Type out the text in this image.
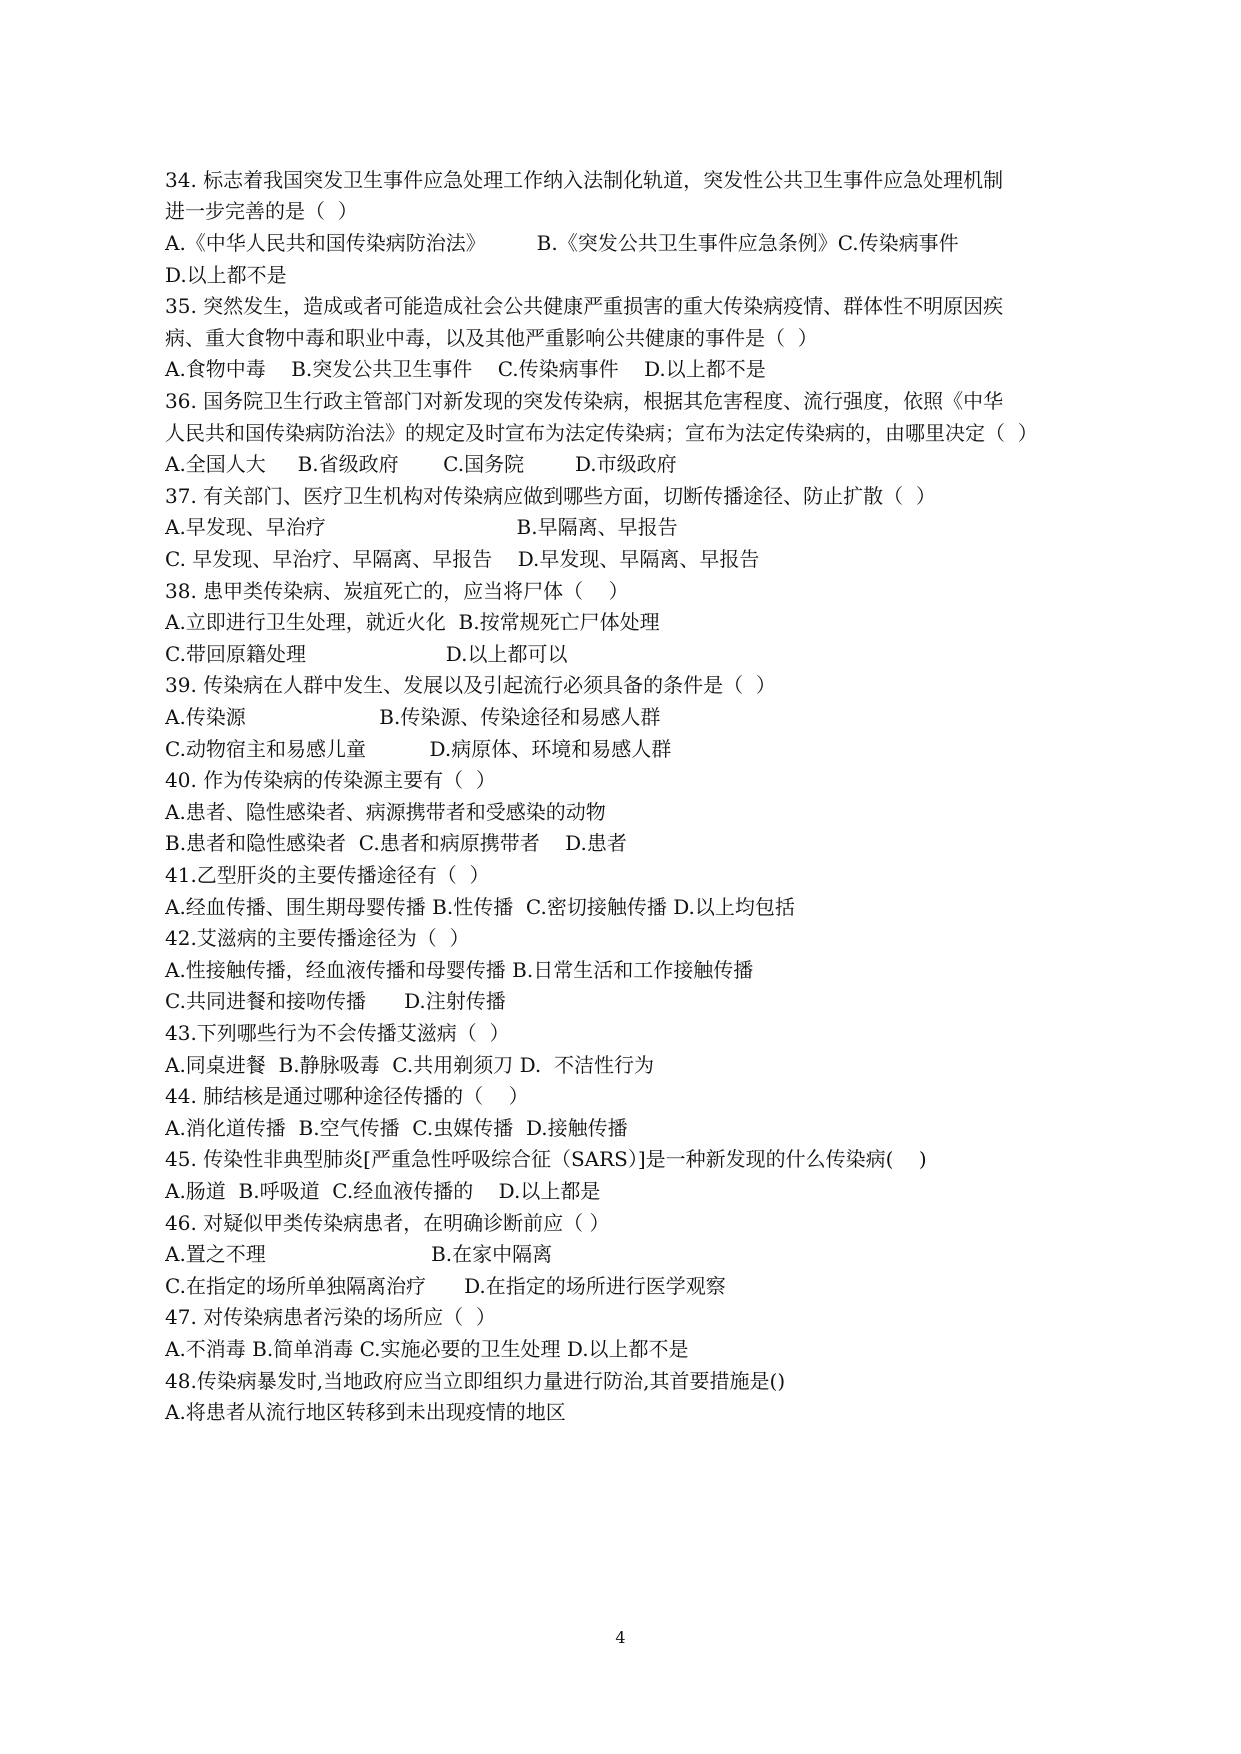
34. 标志着我国突发卫生事件应急处理工作纳入法制化轨道，突发性公共卫生事件应急处理机制
进一步完善的是（  ）
A.《中华人民共和国传染病防治法》        B.《突发公共卫生事件应急条例》C.传染病事件
D.以上都不是
35. 突然发生，造成或者可能造成社会公共健康严重损害的重大传染病疫情、群体性不明原因疾
病、重大食物中毒和职业中毒，以及其他严重影响公共健康的事件是（  ）
A.食物中毒    B.突发公共卫生事件    C.传染病事件    D.以上都不是
36. 国务院卫生行政主管部门对新发现的突发传染病，根据其危害程度、流行强度，依照《中华
人民共和国传染病防治法》的规定及时宣布为法定传染病；宣布为法定传染病的，由哪里决定（  ）
A.全国人大     B.省级政府       C.国务院        D.市级政府
37. 有关部门、医疗卫生机构对传染病应做到哪些方面，切断传播途径、防止扩散（  ）
A.早发现、早治疗                              B.早隔离、早报告
C. 早发现、早治疗、早隔离、早报告    D.早发现、早隔离、早报告
38. 患甲类传染病、炭疽死亡的，应当将尸体（    ）
A.立即进行卫生处理，就近火化  B.按常规死亡尸体处理
C.带回原籍处理                      D.以上都可以
39. 传染病在人群中发生、发展以及引起流行必须具备的条件是（  ）
A.传染源                     B.传染源、传染途径和易感人群
C.动物宿主和易感儿童          D.病原体、环境和易感人群
40. 作为传染病的传染源主要有（  ）
A.患者、隐性感染者、病源携带者和受感染的动物
B.患者和隐性感染者  C.患者和病原携带者    D.患者
41.乙型肝炎的主要传播途径有（  ）
A.经血传播、围生期母婴传播 B.性传播  C.密切接触传播 D.以上均包括
42.艾滋病的主要传播途径为（  ）
A.性接触传播，经血液传播和母婴传播 B.日常生活和工作接触传播
C.共同进餐和接吻传播      D.注射传播
43.下列哪些行为不会传播艾滋病（  ）
A.同桌进餐  B.静脉吸毒  C.共用剃须刀 D.  不洁性行为
44. 肺结核是通过哪种途径传播的（    ）
A.消化道传播  B.空气传播  C.虫媒传播  D.接触传播
45. 传染性非典型肺炎[严重急性呼吸综合征（SARS）]是一种新发现的什么传染病(    )
A.肠道  B.呼吸道  C.经血液传播的    D.以上都是
46. 对疑似甲类传染病患者，在明确诊断前应（ ）
A.置之不理                          B.在家中隔离
C.在指定的场所单独隔离治疗      D.在指定的场所进行医学观察
47. 对传染病患者污染的场所应（  ）
A.不消毒 B.简单消毒 C.实施必要的卫生处理 D.以上都不是
48.传染病暴发时,当地政府应当立即组织力量进行防治,其首要措施是()
A.将患者从流行地区转移到未出现疫情的地区
4
